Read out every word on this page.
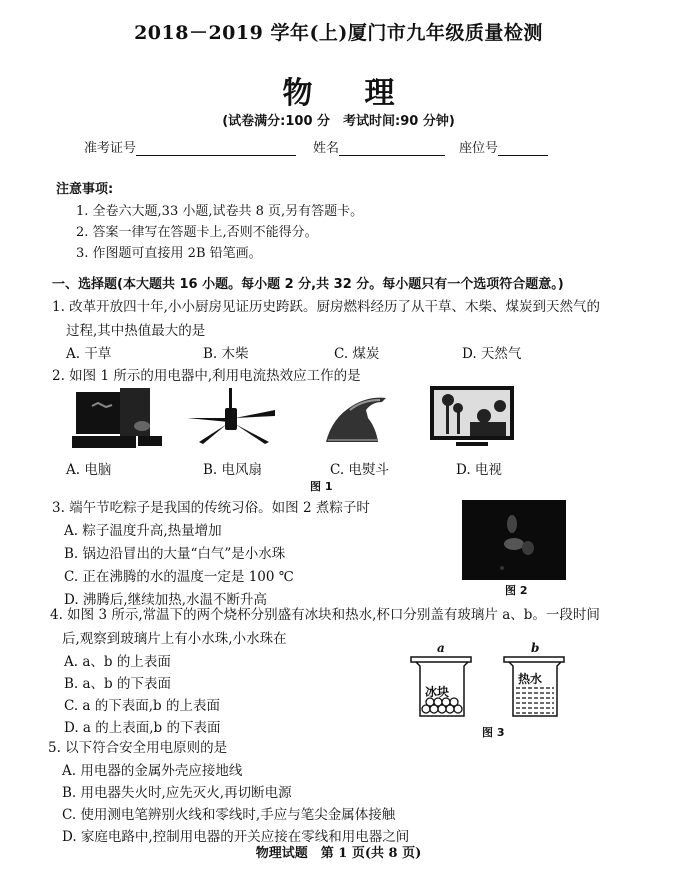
2018－2019 学年(上)厦门市九年级质量检测
物 理
(试卷满分:100 分　考试时间:90 分钟)
准考证号	姓名	座位号
注意事项:
1. 全卷六大题,33 小题,试卷共 8 页,另有答题卡。
2. 答案一律写在答题卡上,否则不能得分。
3. 作图题可直接用 2B 铅笔画。
一、选择题(本大题共 16 小题。每小题 2 分,共 32 分。每小题只有一个选项符合题意。)
1. 改革开放四十年,小小厨房见证历史跨跃。厨房燃料经历了从干草、木柴、煤炭到天然气的
过程,其中热值最大的是
A. 干草	B. 木柴	C. 煤炭	D. 天然气
2. 如图 1 所示的用电器中,利用电流热效应工作的是
A. 电脑	B. 电风扇	C. 电熨斗	D. 电视
图 1
3. 端午节吃粽子是我国的传统习俗。如图 2 煮粽子时
A. 粽子温度升高,热量增加
B. 锅边沿冒出的大量“白气”是小水珠
C. 正在沸腾的水的温度一定是 100 ℃
D. 沸腾后,继续加热,水温不断升高
图 2
4. 如图 3 所示,常温下的两个烧杯分别盛有冰块和热水,杯口分别盖有玻璃片 a、b。一段时间
后,观察到玻璃片上有小水珠,小水珠在
A. a、b 的上表面
B. a、b 的下表面
C. a 的下表面,b 的上表面
D. a 的上表面,b 的下表面
a	b
冰块
热水
图 3
5. 以下符合安全用电原则的是
A. 用电器的金属外壳应接地线
B. 用电器失火时,应先灭火,再切断电源
C. 使用测电笔辨别火线和零线时,手应与笔尖金属体接触
D. 家庭电路中,控制用电器的开关应接在零线和用电器之间
物理试题　第 1 页(共 8 页)
